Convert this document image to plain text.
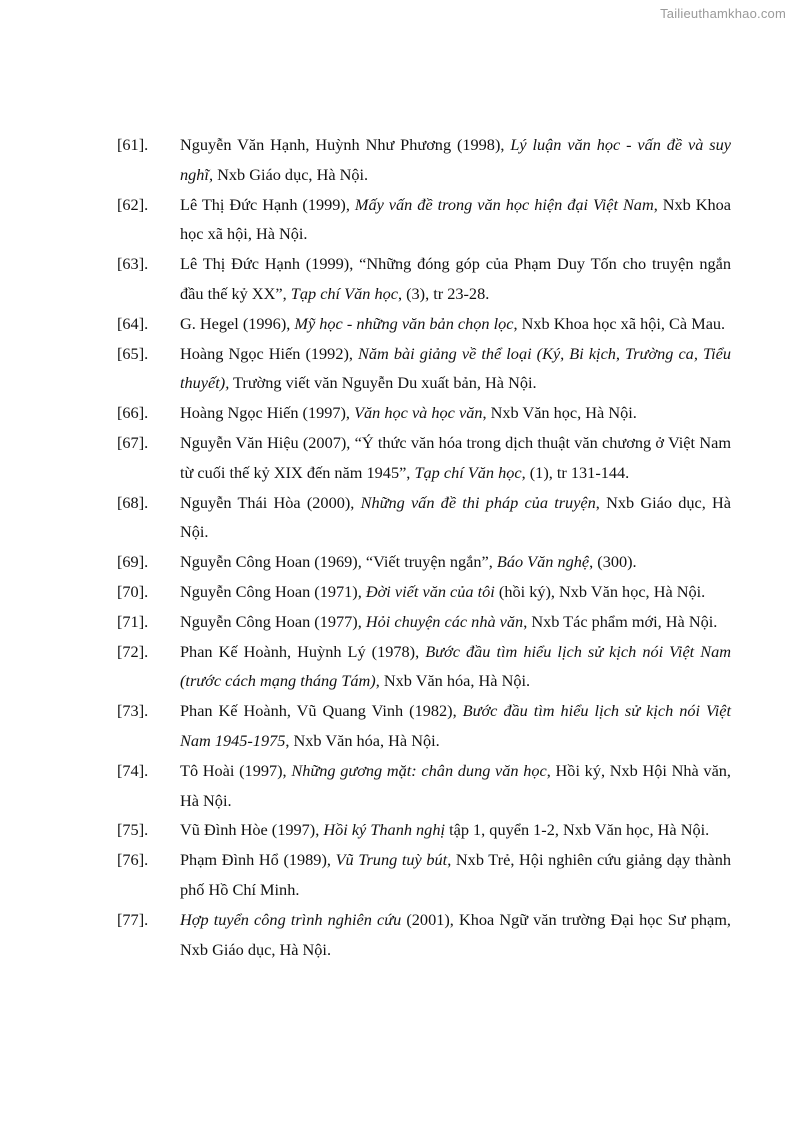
Tailieuthamkhao.com
[61]. Nguyễn Văn Hạnh, Huỳnh Như Phương (1998), Lý luận văn học - vấn đề và suy nghĩ, Nxb Giáo dục, Hà Nội.
[62]. Lê Thị Đức Hạnh (1999), Mấy vấn đề trong văn học hiện đại Việt Nam, Nxb Khoa học xã hội, Hà Nội.
[63]. Lê Thị Đức Hạnh (1999), “Những đóng góp của Phạm Duy Tốn cho truyện ngắn đầu thế kỷ XX”, Tạp chí Văn học, (3), tr 23-28.
[64]. G. Hegel (1996), Mỹ học - những văn bản chọn lọc, Nxb Khoa học xã hội, Cà Mau.
[65]. Hoàng Ngọc Hiến (1992), Năm bài giảng về thể loại (Ký, Bi kịch, Trường ca, Tiểu thuyết), Trường viết văn Nguyễn Du xuất bản, Hà Nội.
[66]. Hoàng Ngọc Hiến (1997), Văn học và học văn, Nxb Văn học, Hà Nội.
[67]. Nguyễn Văn Hiệu (2007), “Ý thức văn hóa trong dịch thuật văn chương ở Việt Nam từ cuối thế kỷ XIX đến năm 1945”, Tạp chí Văn học, (1), tr 131-144.
[68]. Nguyễn Thái Hòa (2000), Những vấn đề thi pháp của truyện, Nxb Giáo dục, Hà Nội.
[69]. Nguyễn Công Hoan (1969), “Viết truyện ngắn”, Báo Văn nghệ, (300).
[70]. Nguyễn Công Hoan (1971), Đời viết văn của tôi (hồi ký), Nxb Văn học, Hà Nội.
[71]. Nguyễn Công Hoan (1977), Hỏi chuyện các nhà văn, Nxb Tác phẩm mới, Hà Nội.
[72]. Phan Kế Hoành, Huỳnh Lý (1978), Bước đầu tìm hiểu lịch sử kịch nói Việt Nam (trước cách mạng tháng Tám), Nxb Văn hóa, Hà Nội.
[73]. Phan Kế Hoành, Vũ Quang Vinh (1982), Bước đầu tìm hiểu lịch sử kịch nói Việt Nam 1945-1975, Nxb Văn hóa, Hà Nội.
[74]. Tô Hoài (1997), Những gương mặt: chân dung văn học, Hồi ký, Nxb Hội Nhà văn, Hà Nội.
[75]. Vũ Đình Hòe (1997), Hồi ký Thanh nghị tập 1, quyển 1-2, Nxb Văn học, Hà Nội.
[76]. Phạm Đình Hổ (1989), Vũ Trung tuỳ bút, Nxb Trẻ, Hội nghiên cứu giảng dạy thành phố Hồ Chí Minh.
[77]. Hợp tuyển công trình nghiên cứu (2001), Khoa Ngữ văn trường Đại học Sư phạm, Nxb Giáo dục, Hà Nội.
